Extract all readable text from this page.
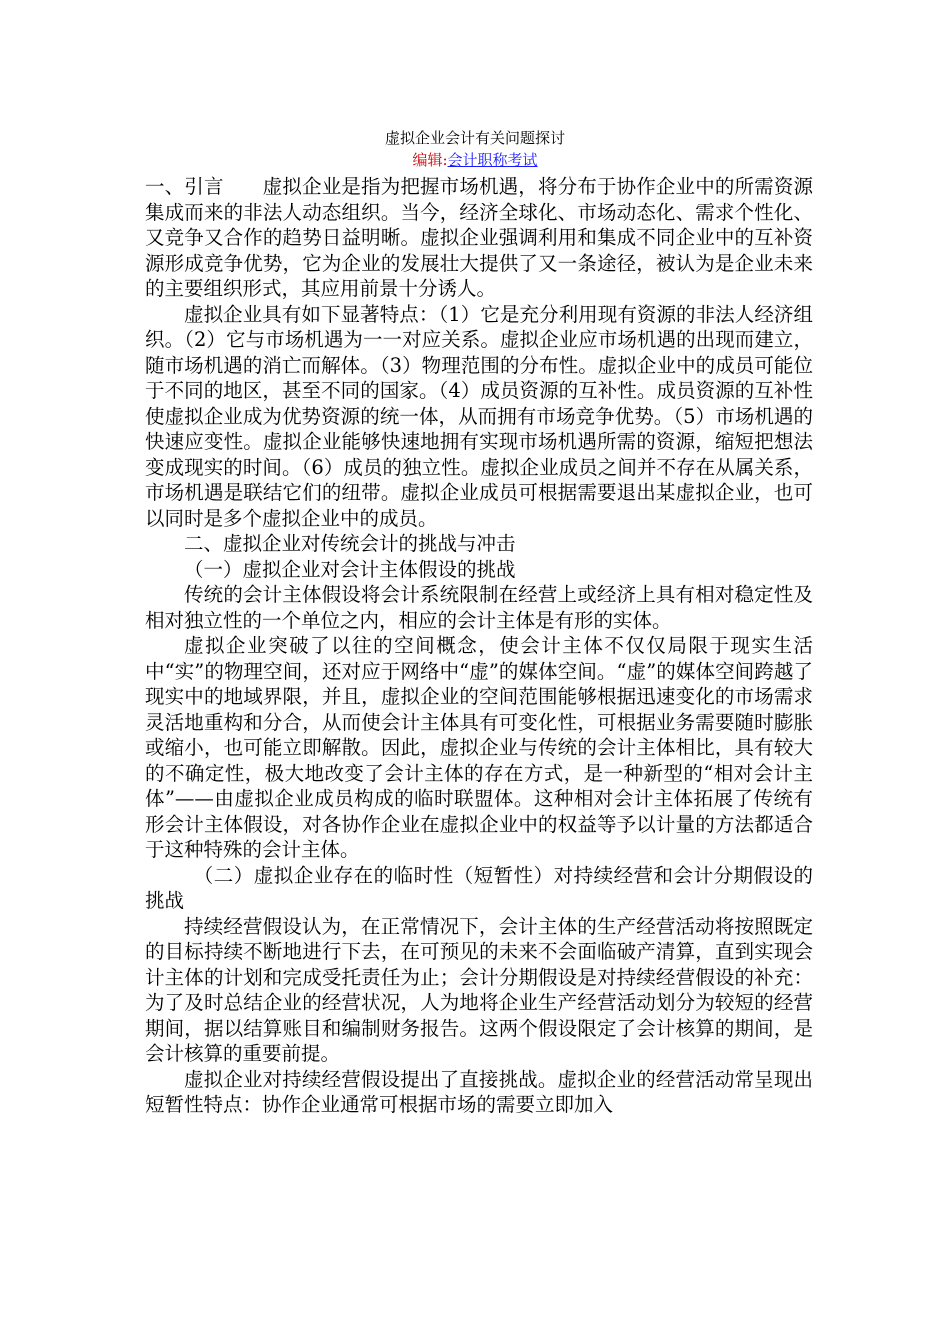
虚拟企业会计有关问题探讨
编辑:会计职称考试

一、引言 虚拟企业是指为把握市场机遇，将分布于协作企业中的所需资源集成而来的非法人动态组织。当今，经济全球化、市场动态化、需求个性化、又竞争又合作的趋势日益明晰。虚拟企业强调利用和集成不同企业中的互补资源形成竞争优势，它为企业的发展壮大提供了又一条途径，被认为是企业未来的主要组织形式，其应用前景十分诱人。

虚拟企业具有如下显著特点：（1）它是充分利用现有资源的非法人经济组织。（2）它与市场机遇为一一对应关系。虚拟企业应市场机遇的出现而建立，随市场机遇的消亡而解体。（3）物理范围的分布性。虚拟企业中的成员可能位于不同的地区，甚至不同的国家。（4）成员资源的互补性。成员资源的互补性使虚拟企业成为优势资源的统一体，从而拥有市场竞争优势。（5）市场机遇的快速应变性。虚拟企业能够快速地拥有实现市场机遇所需的资源，缩短把想法变成现实的时间。（6）成员的独立性。虚拟企业成员之间并不存在从属关系，市场机遇是联结它们的纽带。虚拟企业成员可根据需要退出某虚拟企业，也可以同时是多个虚拟企业中的成员。

二、虚拟企业对传统会计的挑战与冲击

（一）虚拟企业对会计主体假设的挑战

传统的会计主体假设将会计系统限制在经营上或经济上具有相对稳定性及相对独立性的一个单位之内，相应的会计主体是有形的实体。

虚拟企业突破了以往的空间概念，使会计主体不仅仅局限于现实生活中“实”的物理空间，还对应于网络中“虚”的媒体空间。“虚”的媒体空间跨越了现实中的地域界限，并且，虚拟企业的空间范围能够根据迅速变化的市场需求灵活地重构和分合，从而使会计主体具有可变化性，可根据业务需要随时膨胀或缩小，也可能立即解散。因此，虚拟企业与传统的会计主体相比，具有较大的不确定性，极大地改变了会计主体的存在方式，是一种新型的“相对会计主体”——由虚拟企业成员构成的临时联盟体。这种相对会计主体拓展了传统有形会计主体假设，对各协作企业在虚拟企业中的权益等予以计量的方法都适合于这种特殊的会计主体。

（二）虚拟企业存在的临时性（短暂性）对持续经营和会计分期假设的挑战

持续经营假设认为，在正常情况下，会计主体的生产经营活动将按照既定的目标持续不断地进行下去，在可预见的未来不会面临破产清算，直到实现会计主体的计划和完成受托责任为止；会计分期假设是对持续经营假设的补充：为了及时总结企业的经营状况，人为地将企业生产经营活动划分为较短的经营期间，据以结算账目和编制财务报告。这两个假设限定了会计核算的期间，是会计核算的重要前提。

虚拟企业对持续经营假设提出了直接挑战。虚拟企业的经营活动常呈现出短暂性特点：协作企业通常可根据市场的需要立即加入
